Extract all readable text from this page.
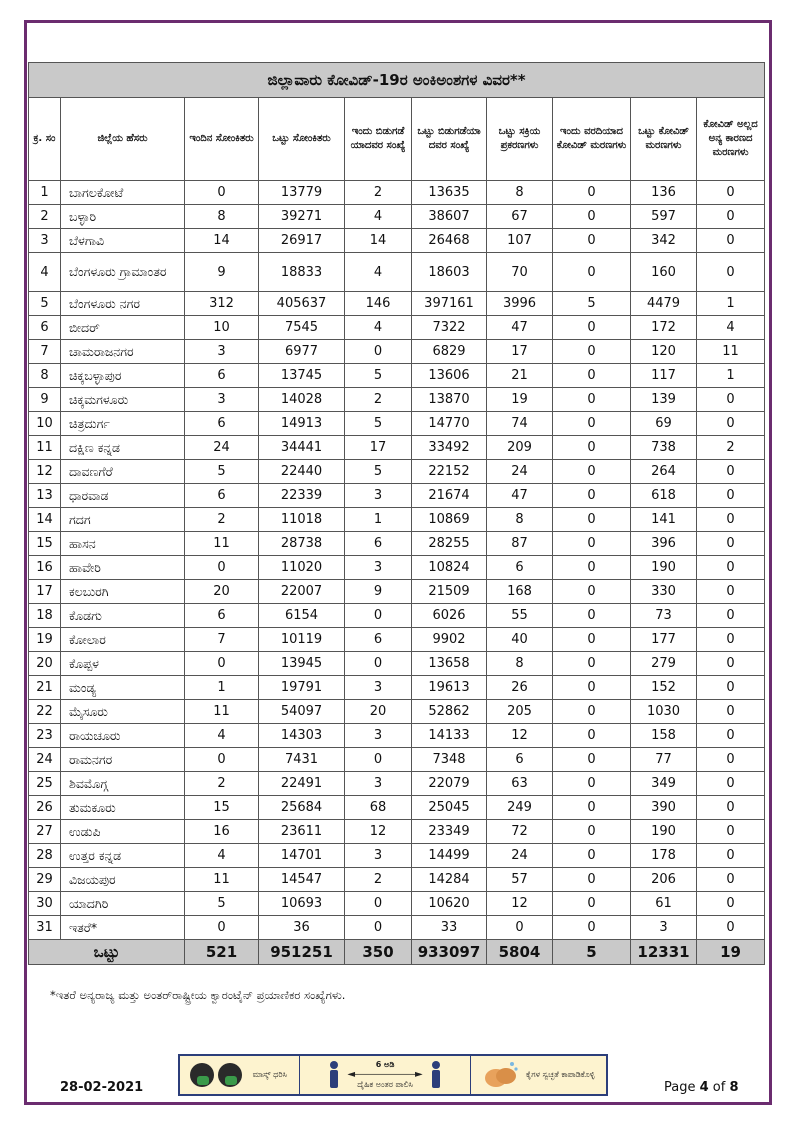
ಜಿಲ್ಲಾವಾರು ಕೋವಿಡ್-19ರ ಅಂಕಿಅಂಶಗಳ ವಿವರ**									
ಕ್ರ. ಸಂ	ಜಿಲ್ಲೆಯ ಹೆಸರು	ಇಂದಿನ ಸೋಂಕಿತರು	ಒಟ್ಟು ಸೋಂಕಿತರು	ಇಂದು ಬಿಡುಗಡೆ ಯಾದವರ ಸಂಖ್ಯೆ	ಒಟ್ಟು ಬಿಡುಗಡೆಯಾ ದವರ ಸಂಖ್ಯೆ	ಒಟ್ಟು ಸಕ್ರಿಯ ಪ್ರಕರಣಗಳು	ಇಂದು ವರದಿಯಾದ ಕೋವಿಡ್ ಮರಣಗಳು	ಒಟ್ಟು ಕೋವಿಡ್ ಮರಣಗಳು	ಕೋವಿಡ್ ಅಲ್ಲದ ಅನ್ಯ ಕಾರಣದ ಮರಣಗಳು
1	ಬಾಗಲಕೋಟೆ	0	13779	2	13635	8	0	136	0
2	ಬಳ್ಳಾರಿ	8	39271	4	38607	67	0	597	0
3	ಬೆಳಗಾವಿ	14	26917	14	26468	107	0	342	0
4	ಬೆಂಗಳೂರು ಗ್ರಾಮಾಂತರ	9	18833	4	18603	70	0	160	0
5	ಬೆಂಗಳೂರು ನಗರ	312	405637	146	397161	3996	5	4479	1
6	ಬೀದರ್	10	7545	4	7322	47	0	172	4
7	ಚಾಮರಾಜನಗರ	3	6977	0	6829	17	0	120	11
8	ಚಿಕ್ಕಬಳ್ಳಾಪುರ	6	13745	5	13606	21	0	117	1
9	ಚಿಕ್ಕಮಗಳೂರು	3	14028	2	13870	19	0	139	0
10	ಚಿತ್ರದುರ್ಗ	6	14913	5	14770	74	0	69	0
11	ದಕ್ಷಿಣ ಕನ್ನಡ	24	34441	17	33492	209	0	738	2
12	ದಾವಣಗೆರೆ	5	22440	5	22152	24	0	264	0
13	ಧಾರವಾಡ	6	22339	3	21674	47	0	618	0
14	ಗದಗ	2	11018	1	10869	8	0	141	0
15	ಹಾಸನ	11	28738	6	28255	87	0	396	0
16	ಹಾವೇರಿ	0	11020	3	10824	6	0	190	0
17	ಕಲಬುರಗಿ	20	22007	9	21509	168	0	330	0
18	ಕೊಡಗು	6	6154	0	6026	55	0	73	0
19	ಕೋಲಾರ	7	10119	6	9902	40	0	177	0
20	ಕೊಪ್ಪಳ	0	13945	0	13658	8	0	279	0
21	ಮಂಡ್ಯ	1	19791	3	19613	26	0	152	0
22	ಮೈಸೂರು	11	54097	20	52862	205	0	1030	0
23	ರಾಯಚೂರು	4	14303	3	14133	12	0	158	0
24	ರಾಮನಗರ	0	7431	0	7348	6	0	77	0
25	ಶಿವಮೊಗ್ಗ	2	22491	3	22079	63	0	349	0
26	ತುಮಕೂರು	15	25684	68	25045	249	0	390	0
27	ಉಡುಪಿ	16	23611	12	23349	72	0	190	0
28	ಉತ್ತರ ಕನ್ನಡ	4	14701	3	14499	24	0	178	0
29	ವಿಜಯಪುರ	11	14547	2	14284	57	0	206	0
30	ಯಾದಗಿರಿ	5	10693	0	10620	12	0	61	0
31	ಇತರೆ*	0	36	0	33	0	0	3	0
ಒಟ್ಟು		521	951251	350	933097	5804	5	12331	19
*ಇತರೆ ಅನ್ಯರಾಜ್ಯ ಮತ್ತು ಅಂತರ್‌ರಾಷ್ಟ್ರೀಯ ಕ್ವಾರಂಟೈನ್ ಪ್ರಯಾಣಿಕರ ಸಂಖ್ಯೆಗಳು.
ಮಾಸ್ಕ್ ಧರಿಸಿ
6 ಅಡಿ
◄――――――►
ದೈಹಿಕ ಅಂತರ ಪಾಲಿಸಿ
ಕೈಗಳ ಸ್ವಚ್ಛತೆ ಕಾಪಾಡಿಕೊಳ್ಳಿ
28-02-2021	Page 4 of 8
